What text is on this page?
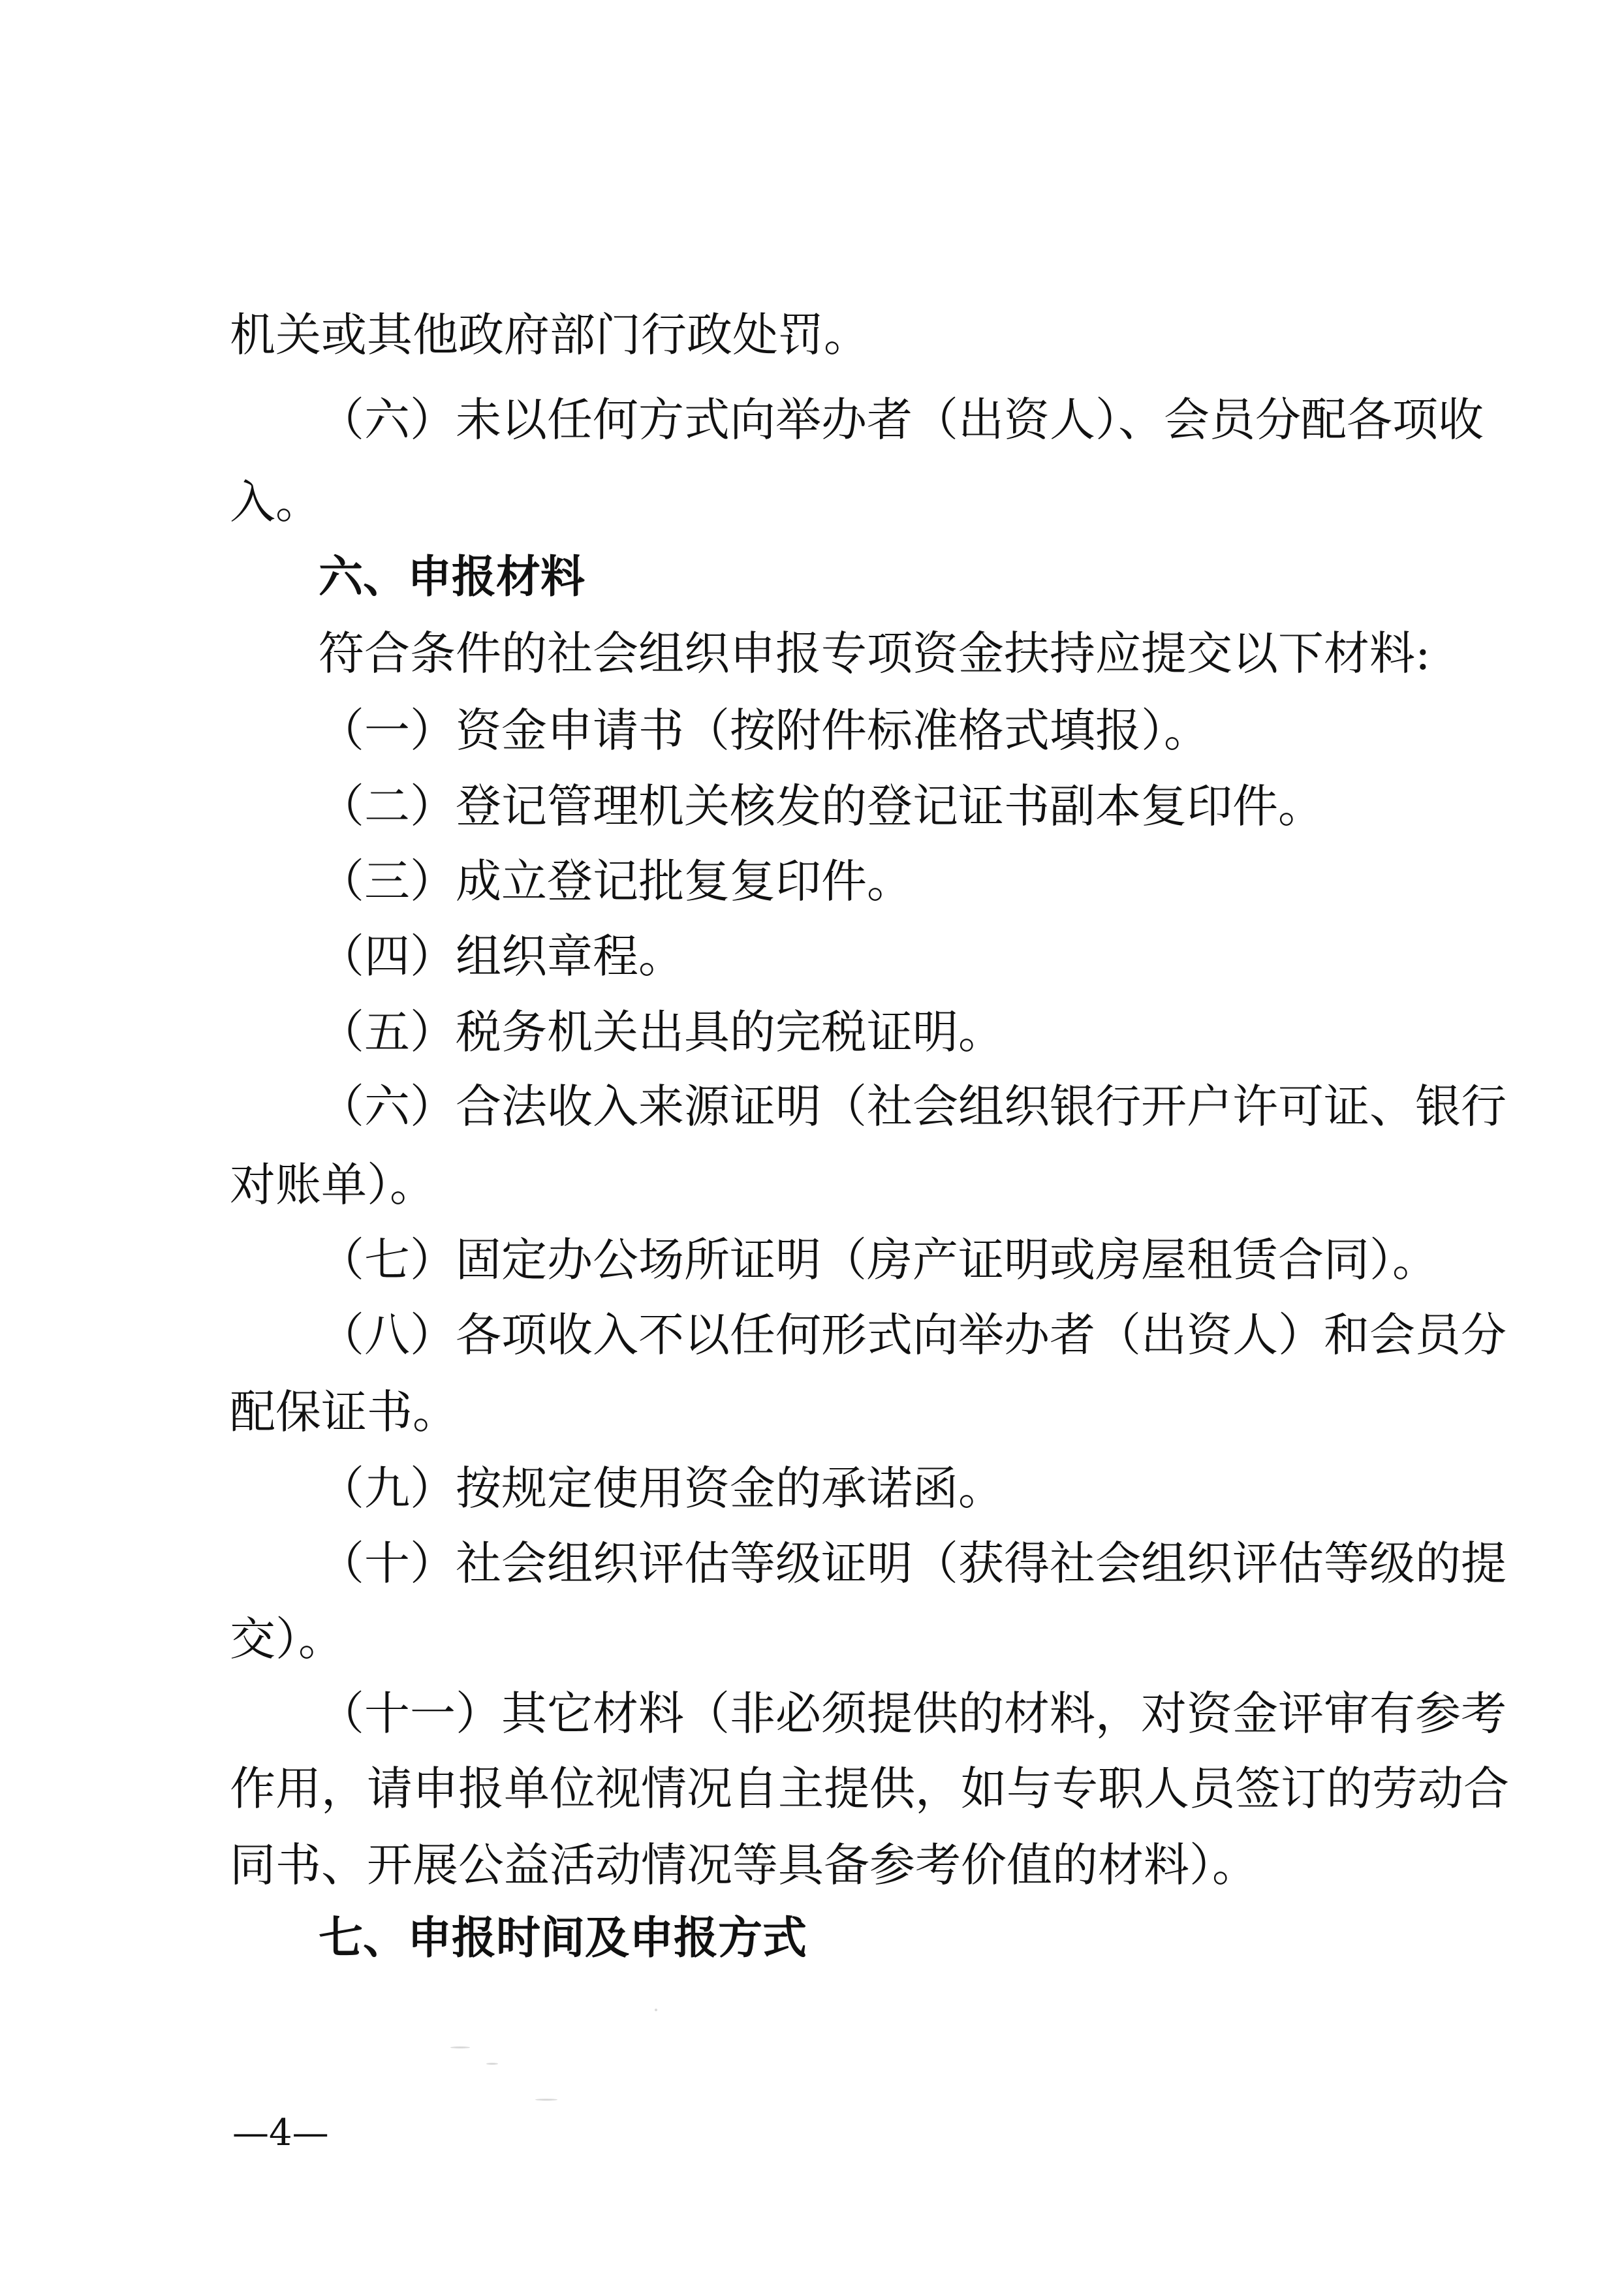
机关或其他政府部门行政处罚。
（六）未以任何方式向举办者（出资人）、会员分配各项收
入。
六、申报材料
符合条件的社会组织申报专项资金扶持应提交以下材料:
（一）资金申请书（按附件标准格式填报）。
（二）登记管理机关核发的登记证书副本复印件。
（三）成立登记批复复印件。
（四）组织章程。
（五）税务机关出具的完税证明。
（六）合法收入来源证明（社会组织银行开户许可证、银行
对账单）。
（七）固定办公场所证明（房产证明或房屋租赁合同）。
（八）各项收入不以任何形式向举办者（出资人）和会员分
配保证书。
（九）按规定使用资金的承诺函。
（十）社会组织评估等级证明（获得社会组织评估等级的提
交）。
（十一）其它材料（非必须提供的材料，对资金评审有参考
作用，请申报单位视情况自主提供，如与专职人员签订的劳动合
同书、开展公益活动情况等具备参考价值的材料）。
七、申报时间及申报方式
—4—
